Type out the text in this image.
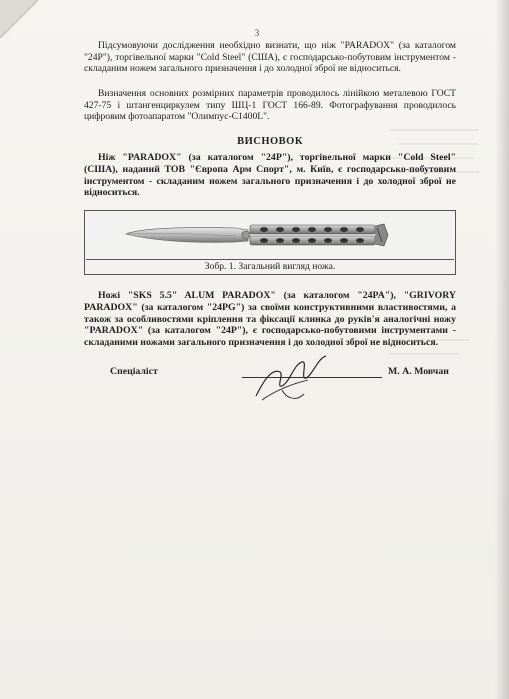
3

Підсумовуючи дослідження необхідно визнати, що ніж "PARADOX" (за каталогом "24P"), торгівельної марки "Cold Steel" (США), є господарсько-побутовим інструментом - складаним ножем загального призначення і до холодної зброї не відноситься.

Визначення основних розмірних параметрів проводилось лінійкою металевою ГОСТ 427-75 і штангенциркулем типу ШЦ-1 ГОСТ 166-89. Фотографування проводилось цифровим фотоапаратом "Олимпус-С1400L".

ВИСНОВОК

Ніж "PARADOX" (за каталогом "24P"), торгівельної марки "Cold Steel" (США), наданий ТОВ "Європа Арм Спорт", м. Київ, є господарсько-побутовим інструментом - складаним ножем загального призначення і до холодної зброї не відноситься.

Зобр. 1. Загальний вигляд ножа.

Ножі "SKS 5.5" ALUM PARADOX" (за каталогом "24PA"), "GRIVORY PARADOX" (за каталогом "24PG") за своїми конструктивними властивостями, а також за особливостями кріплення та фіксації клинка до руків'я аналогічні ножу "PARADOX" (за каталогом "24P"), є господарсько-побутовими інструментами - складаними ножами загального призначення і до холодної зброї не відноситься.

Спеціаліст	М. А. Мовчан
